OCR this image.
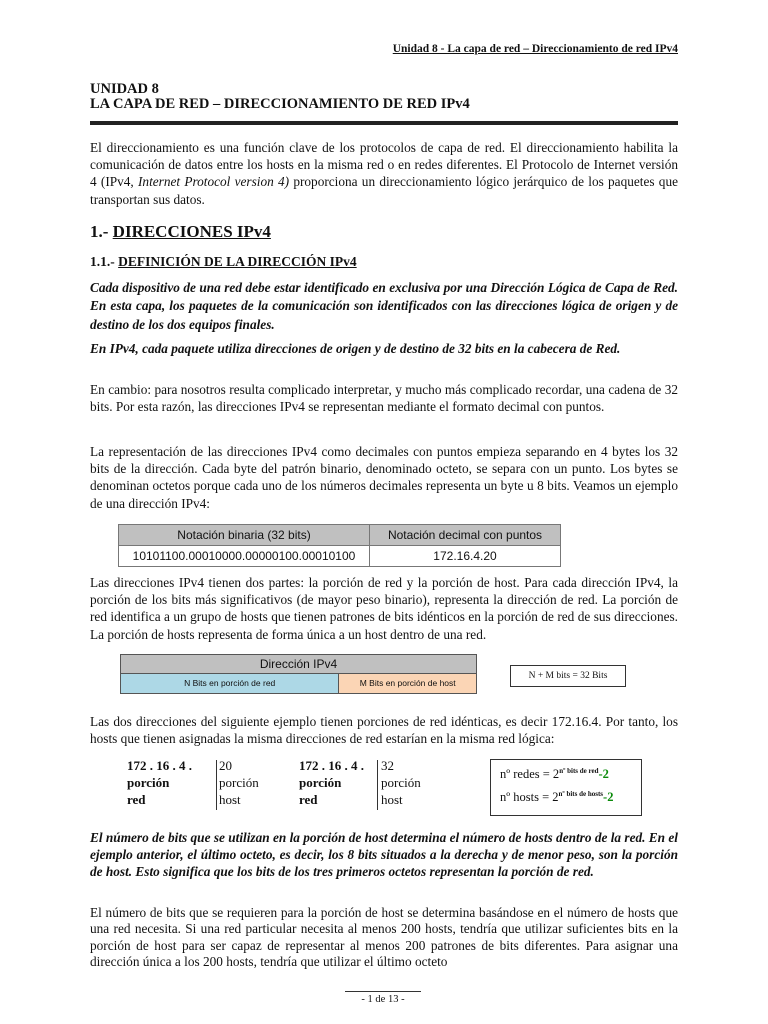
Unidad 8 - La capa de red – Direccionamiento de red IPv4
UNIDAD 8
LA CAPA DE RED – DIRECCIONAMIENTO DE RED IPv4
El direccionamiento es una función clave de los protocolos de capa de red. El direccionamiento habilita la comunicación de datos entre los hosts en la misma red o en redes diferentes. El Protocolo de Internet versión 4 (IPv4, Internet Protocol version 4) proporciona un direccionamiento lógico jerárquico de los paquetes que transportan sus datos.
1.- DIRECCIONES IPv4
1.1.- DEFINICIÓN DE LA DIRECCIÓN IPv4
Cada dispositivo de una red debe estar identificado en exclusiva por una Dirección Lógica de Capa de Red. En esta capa, los paquetes de la comunicación son identificados con las direcciones lógica de origen y de destino de los dos equipos finales.
En IPv4, cada paquete utiliza direcciones de origen y de destino de 32 bits en la cabecera de Red.
En cambio: para nosotros resulta complicado interpretar, y mucho más complicado recordar, una cadena de 32 bits. Por esta razón, las direcciones IPv4 se representan mediante el formato decimal con puntos.
La representación de las direcciones IPv4 como decimales con puntos empieza separando en 4 bytes los 32 bits de la dirección. Cada byte del patrón binario, denominado octeto, se separa con un punto. Los bytes se denominan octetos porque cada uno de los números decimales representa un byte u 8 bits. Veamos un ejemplo de una dirección IPv4:
Notación binaria (32 bits)	Notación decimal con puntos
10101100.00010000.00000100.00010100	172.16.4.20
Las direcciones IPv4 tienen dos partes: la porción de red y la porción de host. Para cada dirección IPv4, la porción de los bits más significativos (de mayor peso binario), representa la dirección de red. La porción de red identifica a un grupo de hosts que tienen patrones de bits idénticos en la porción de red de sus direcciones. La porción de hosts representa de forma única a un host dentro de una red.
Dirección IPv4
N Bits en porción de red	M Bits en porción de host
N + M bits = 32 Bits
Las dos direcciones del siguiente ejemplo tienen porciones de red idénticas, es decir 172.16.4. Por tanto, los hosts que tienen asignadas la misma direcciones de red estarían en la misma red lógica:
172 . 16 . 4 .
porción
red
20
porción
host
172 . 16 . 4 .
porción
red
32
porción
host
nº redes = $2^{nº bits de red}-2$
nº hosts = $2^{nº bits de hosts}-2$
El número de bits que se utilizan en la porción de host determina el número de hosts dentro de la red. En el ejemplo anterior, el último octeto, es decir, los 8 bits situados a la derecha y de menor peso, son la porción de host. Esto significa que los bits de los tres primeros octetos representan la porción de red.
El número de bits que se requieren para la porción de host se determina basándose en el número de hosts que una red necesita. Si una red particular necesita al menos 200 hosts, tendría que utilizar suficientes bits en la porción de host para ser capaz de representar al menos 200 patrones de bits diferentes. Para asignar una dirección única a los 200 hosts, tendría que utilizar el último octeto
- 1 de 13 -
